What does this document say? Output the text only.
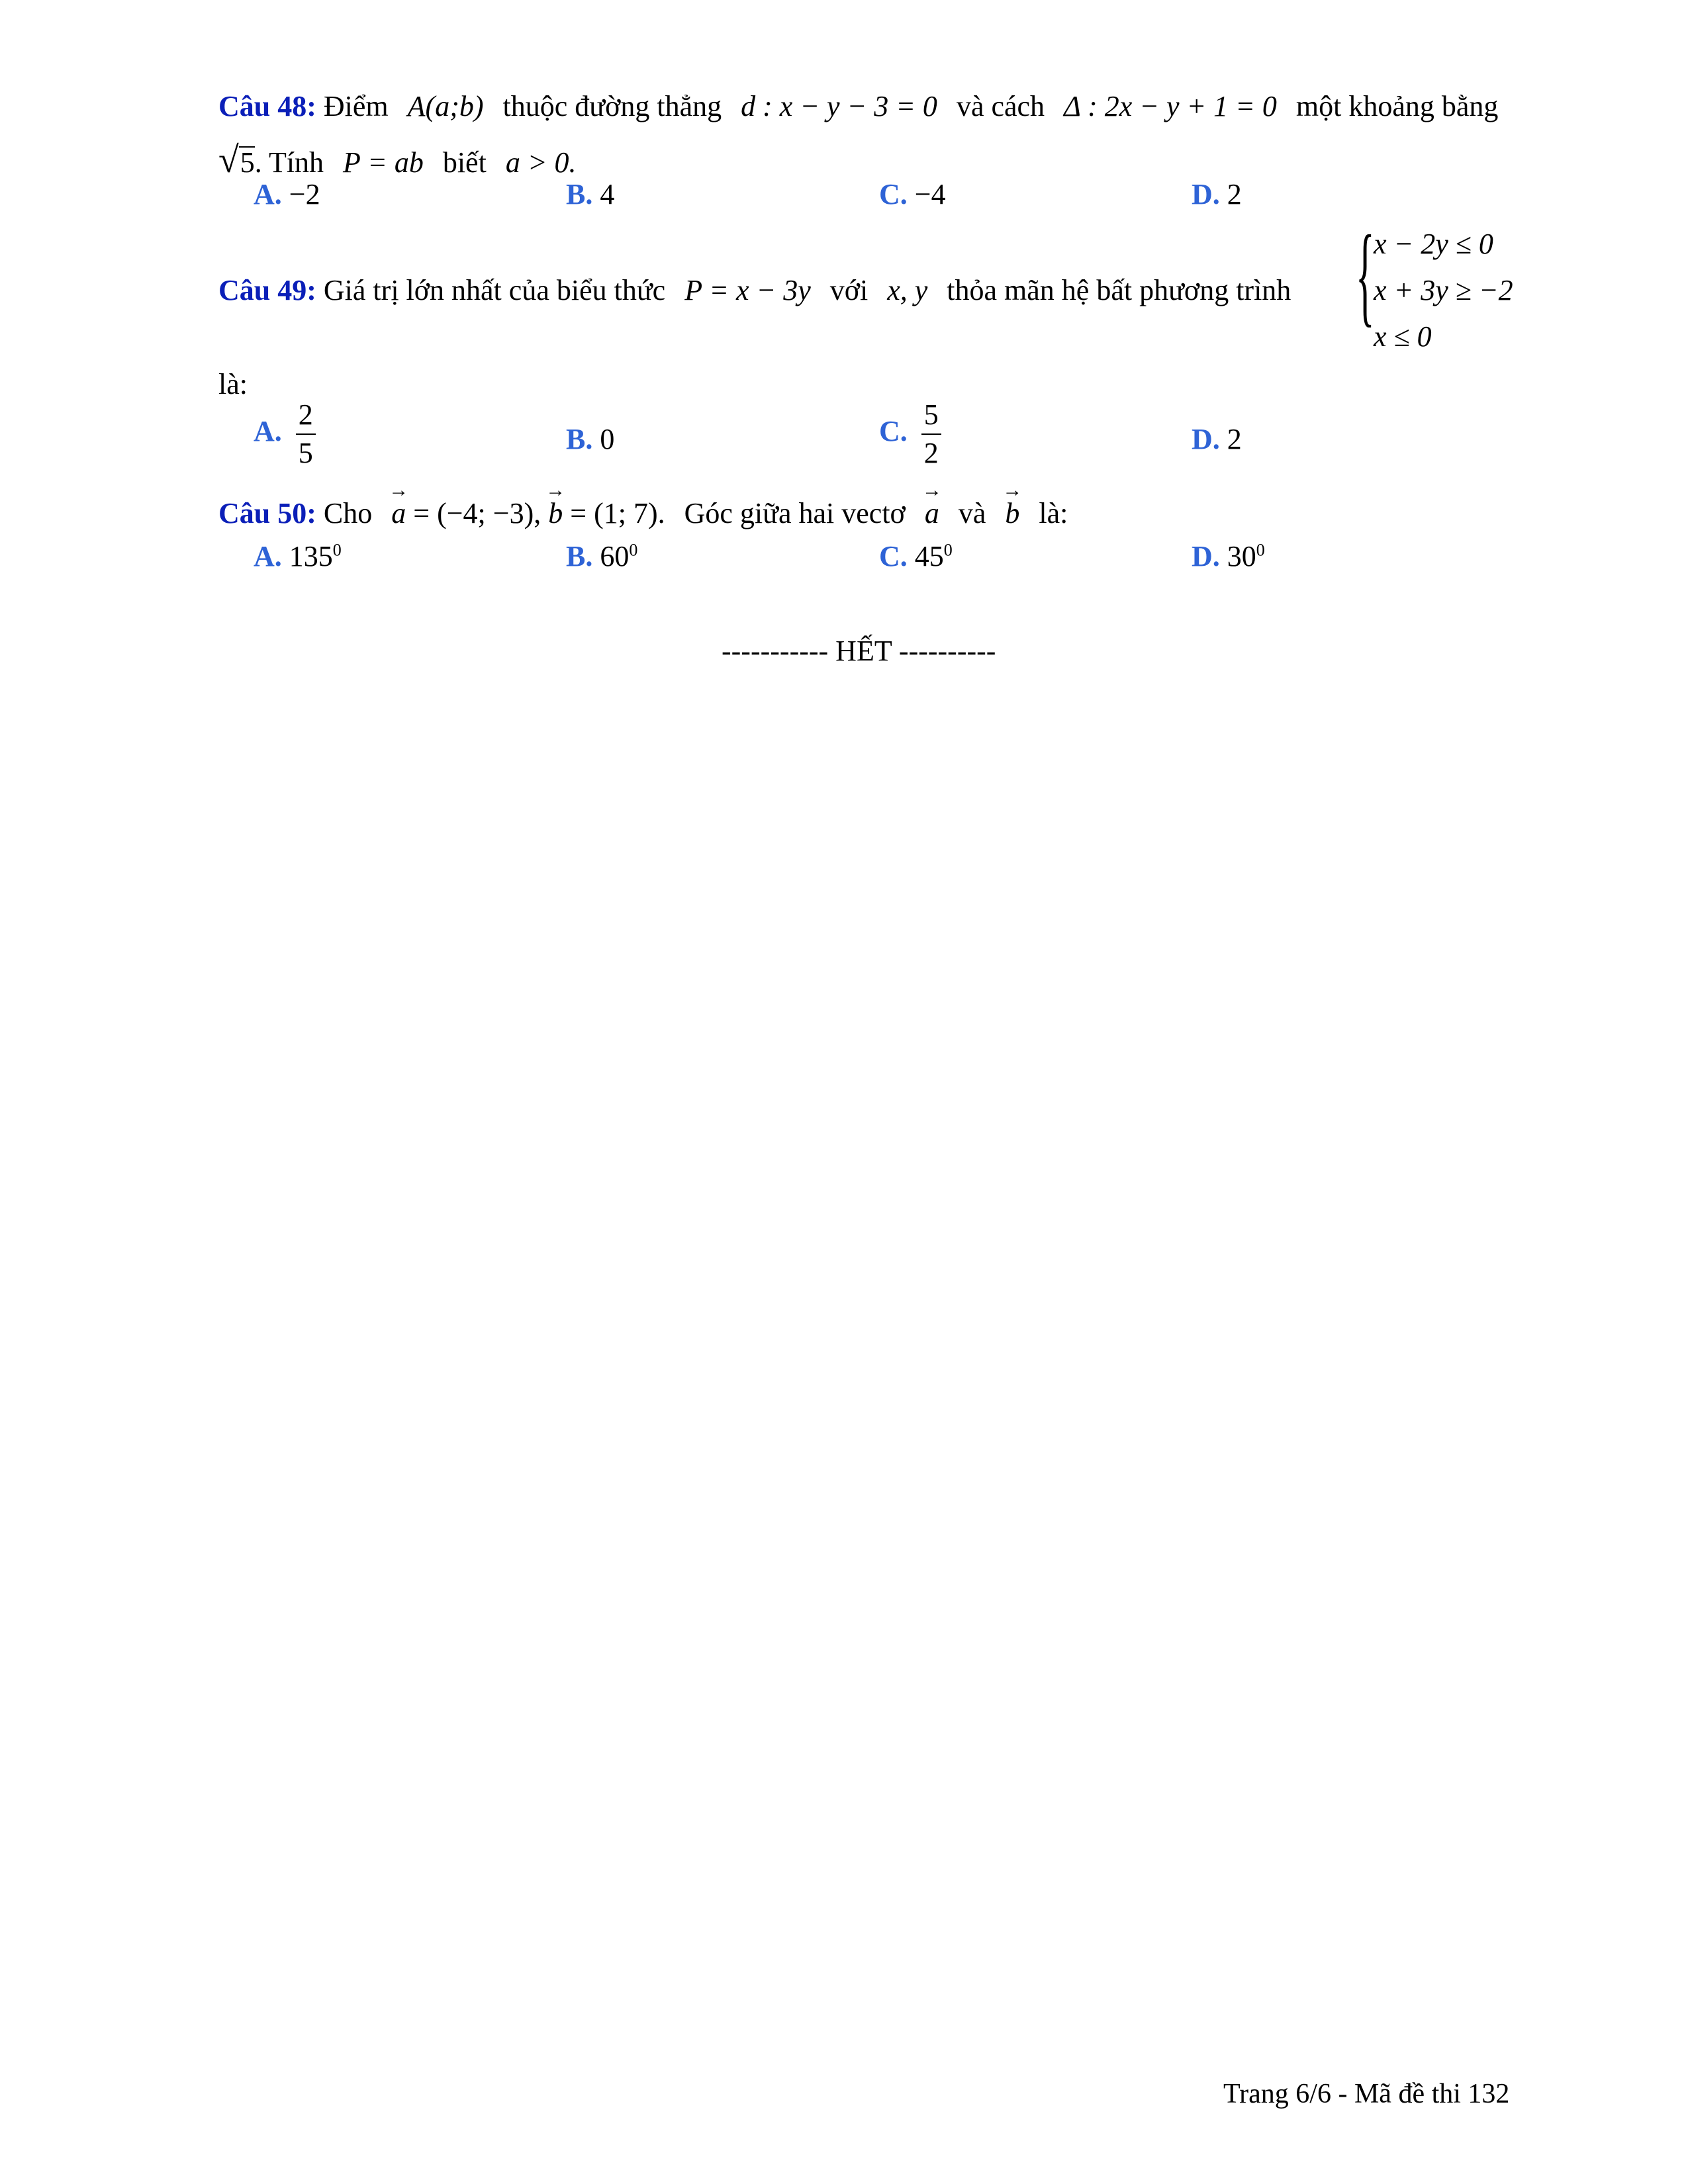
Câu 48: Điểm A(a;b) thuộc đường thẳng d : x − y − 3 = 0 và cách Δ : 2x − y + 1 = 0 một khoảng bằng
√5. Tính P = ab biết a > 0.
A. −2	B. 4	C. −4	D. 2
Câu 49: Giá trị lớn nhất của biểu thức P = x − 3y với x, y thỏa mãn hệ bất phương trình {
x − 2y ≤ 0
x + 3y ≥ −2
x ≤ 0
là:
A. $\frac{2}{5}$	B. 0	C. $\frac{5}{2}$	D. 2
Câu 50: Cho → a = (−4; −3), → b = (1; 7). Góc giữa hai vectơ → a và → b là:
A. $135^0$	B. $60^0$	C. $45^0$	D. $30^0$
----------- HẾT ----------
Trang 6/6 - Mã đề thi 132
